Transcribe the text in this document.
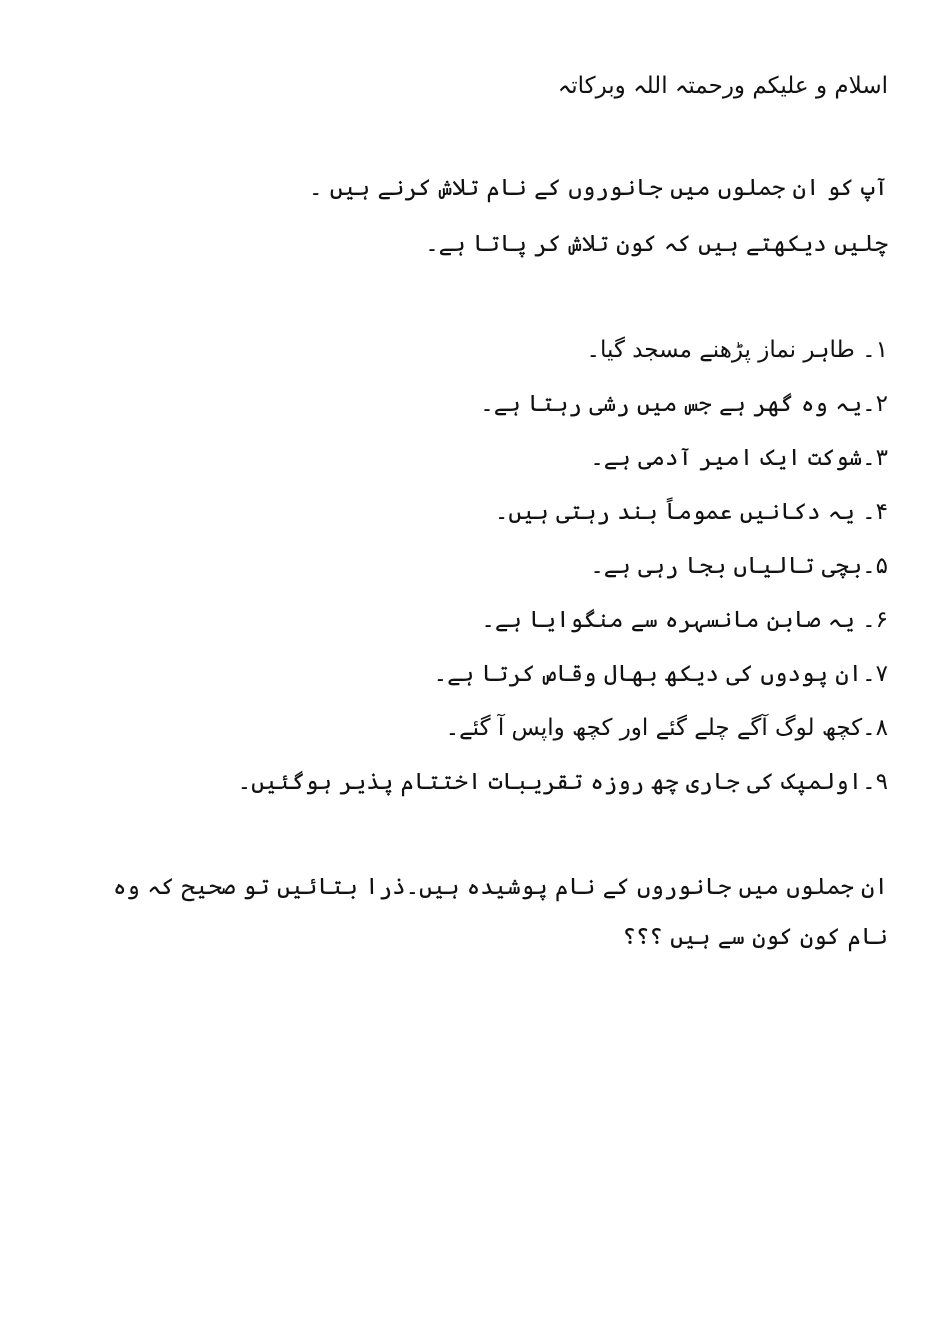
اسلام و علیکم ورحمتہ اللہ وبرکاتہ
آپ کو ان جملوں میں جانوروں کے نام تلاش کرنے ہیں ۔
چلیں دیکھتے ہیں کہ کون تلاش کر پاتا ہے۔
۱۔ طاہر نماز پڑھنے مسجد گیا۔
۲۔یہ وہ گھر ہے جس میں رشی رہتا ہے۔
۳۔شوکت ایک امیر آدمی ہے۔
۴۔ یہ دکانیں عموماً بند رہتی ہیں۔
۵۔بچی تالیاں بجا رہی ہے۔
۶۔ یہ صابن مانسہرہ سے منگوایا ہے۔
۷۔ان پودوں کی دیکھ بھال وقاص کرتا ہے۔
۸۔کچھ لوگ آگے چلے گئے اور کچھ واپس آ گئے۔
۹۔اولمپک کی جاری چھ روزہ تقریبات اختتام پذیر ہوگئیں۔
ان جملوں میں جانوروں کے نام پوشیدہ ہیں۔ذرا بتائیں تو صحیح کہ وہ نام کون کون سے ہیں ؟؟؟
